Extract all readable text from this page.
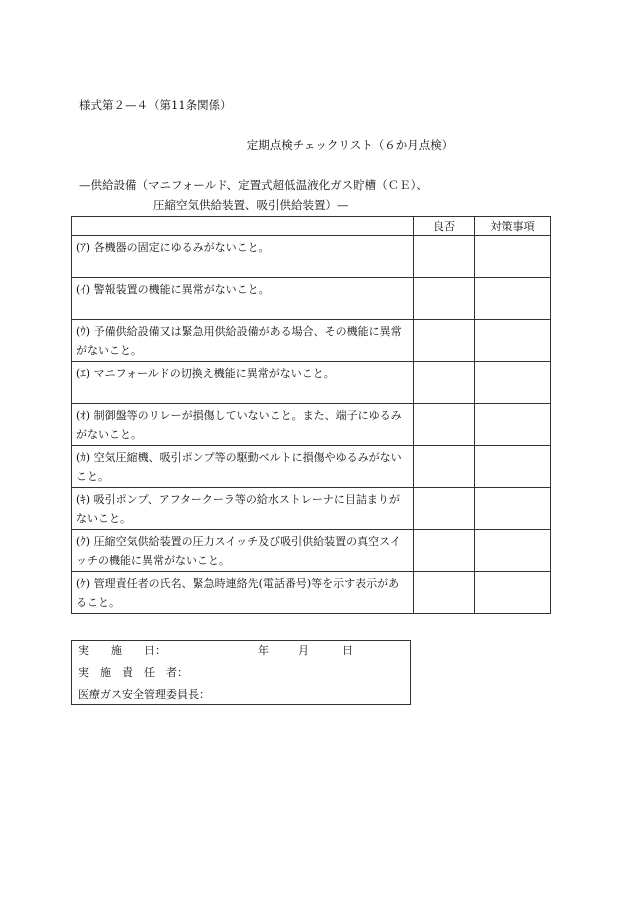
様式第２—４（第11条関係）
定期点検チェックリスト（６か月点検）
—供給設備（マニフォールド、定置式超低温液化ガス貯槽（ＣＥ）、
圧縮空気供給装置、吸引供給装置）—
	良否	対策事項
(ｱ) 各機器の固定にゆるみがないこと。		
(ｲ) 警報装置の機能に異常がないこと。		
(ｳ) 予備供給設備又は緊急用供給設備がある場合、その機能に異常がないこと。		
(ｴ) マニフォールドの切換え機能に異常がないこと。		
(ｵ) 制御盤等のリレーが損傷していないこと。また、端子にゆるみがないこと。		
(ｶ) 空気圧縮機、吸引ポンプ等の駆動ベルトに損傷やゆるみがないこと。		
(ｷ) 吸引ポンプ、アフタークーラ等の給水ストレーナに目詰まりがないこと。		
(ｸ) 圧縮空気供給装置の圧力スイッチ及び吸引供給装置の真空スイッチの機能に異常がないこと。		
(ｹ) 管理責任者の氏名、緊急時連絡先(電話番号)等を示す表示があること。		
実　　施　　日：	年	月	日
実　施　責　任　者：
医療ガス安全管理委員長：
